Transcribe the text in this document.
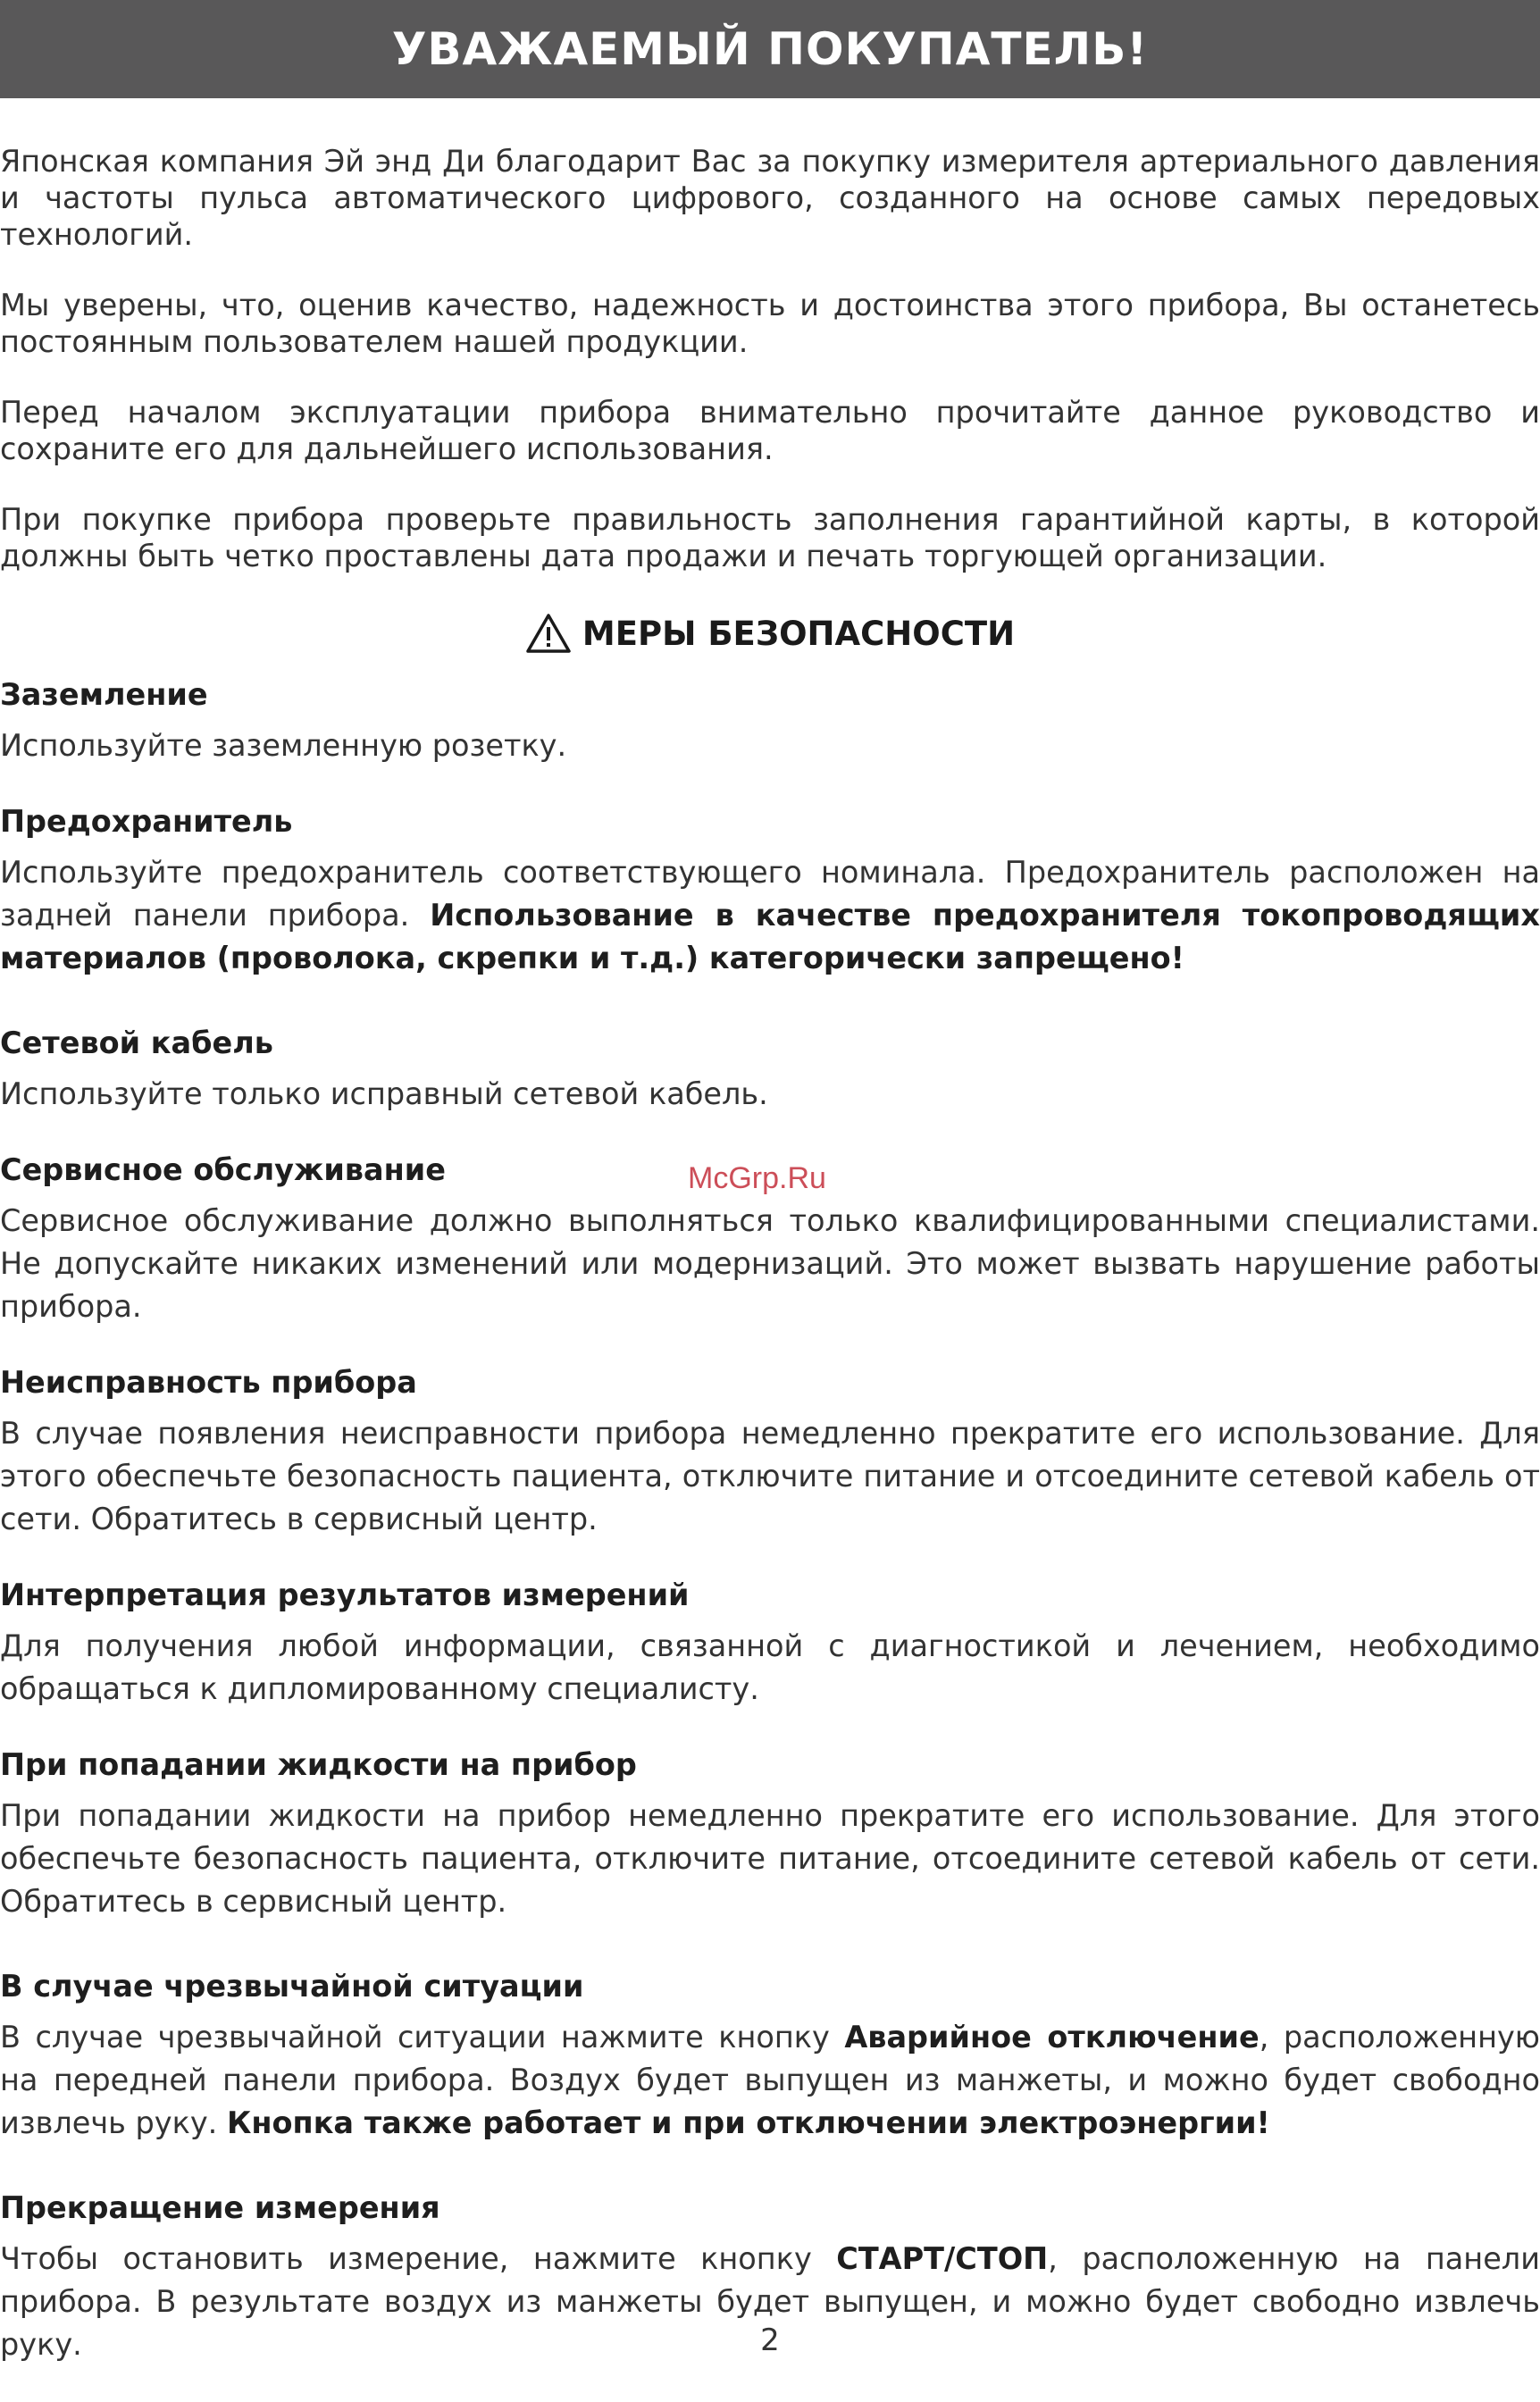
УВАЖАЕМЫЙ ПОКУПАТЕЛЬ!

Японская компания Эй энд Ди благодарит Вас за покупку измерителя артериального давления и частоты пульса автоматического цифрового, созданного на основе самых передовых технологий.

Мы уверены, что, оценив качество, надежность и достоинства этого прибора, Вы останетесь постоянным пользователем нашей продукции.

Перед началом эксплуатации прибора внимательно прочитайте данное руководство и сохраните его для дальнейшего использования.

При покупке прибора проверьте правильность заполнения гарантийной карты, в которой должны быть четко проставлены дата продажи и печать торгующей организации.

МЕРЫ БЕЗОПАСНОСТИ
Заземление

Используйте заземленную розетку.

Предохранитель

Используйте предохранитель соответствующего номинала. Предохранитель расположен на задней панели прибора. Использование в качестве предохранителя токопроводящих материалов (проволока, скрепки и т.д.) категорически запрещено!

Сетевой кабель

Используйте только исправный сетевой кабель.

Сервисное обслуживание

Сервисное обслуживание должно выполняться только квалифицированными специалистами. Не допускайте никаких изменений или модернизаций. Это может вызвать нарушение работы прибора.

Неисправность прибора

В случае появления неисправности прибора немедленно прекратите его использование. Для этого обеспечьте безопасность пациента, отключите питание и отсоедините сетевой кабель от сети. Обратитесь в сервисный центр.

Интерпретация результатов измерений

Для получения любой информации, связанной с диагностикой и лечением, необходимо обращаться к дипломированному специалисту.

При попадании жидкости на прибор

При попадании жидкости на прибор немедленно прекратите его использование. Для этого обеспечьте безопасность пациента, отключите питание, отсоедините сетевой кабель от сети. Обратитесь в сервисный центр.

В случае чрезвычайной ситуации

В случае чрезвычайной ситуации нажмите кнопку Аварийное отключение, расположенную на передней панели прибора. Воздух будет выпущен из манжеты, и можно будет свободно извлечь руку. Кнопка также работает и при отключении электроэнергии!

Прекращение измерения

Чтобы остановить измерение, нажмите кнопку СТАРТ/СТОП, расположенную на панели прибора. В результате воздух из манжеты будет выпущен, и можно будет свободно извлечь руку.

McGrp.Ru
2
